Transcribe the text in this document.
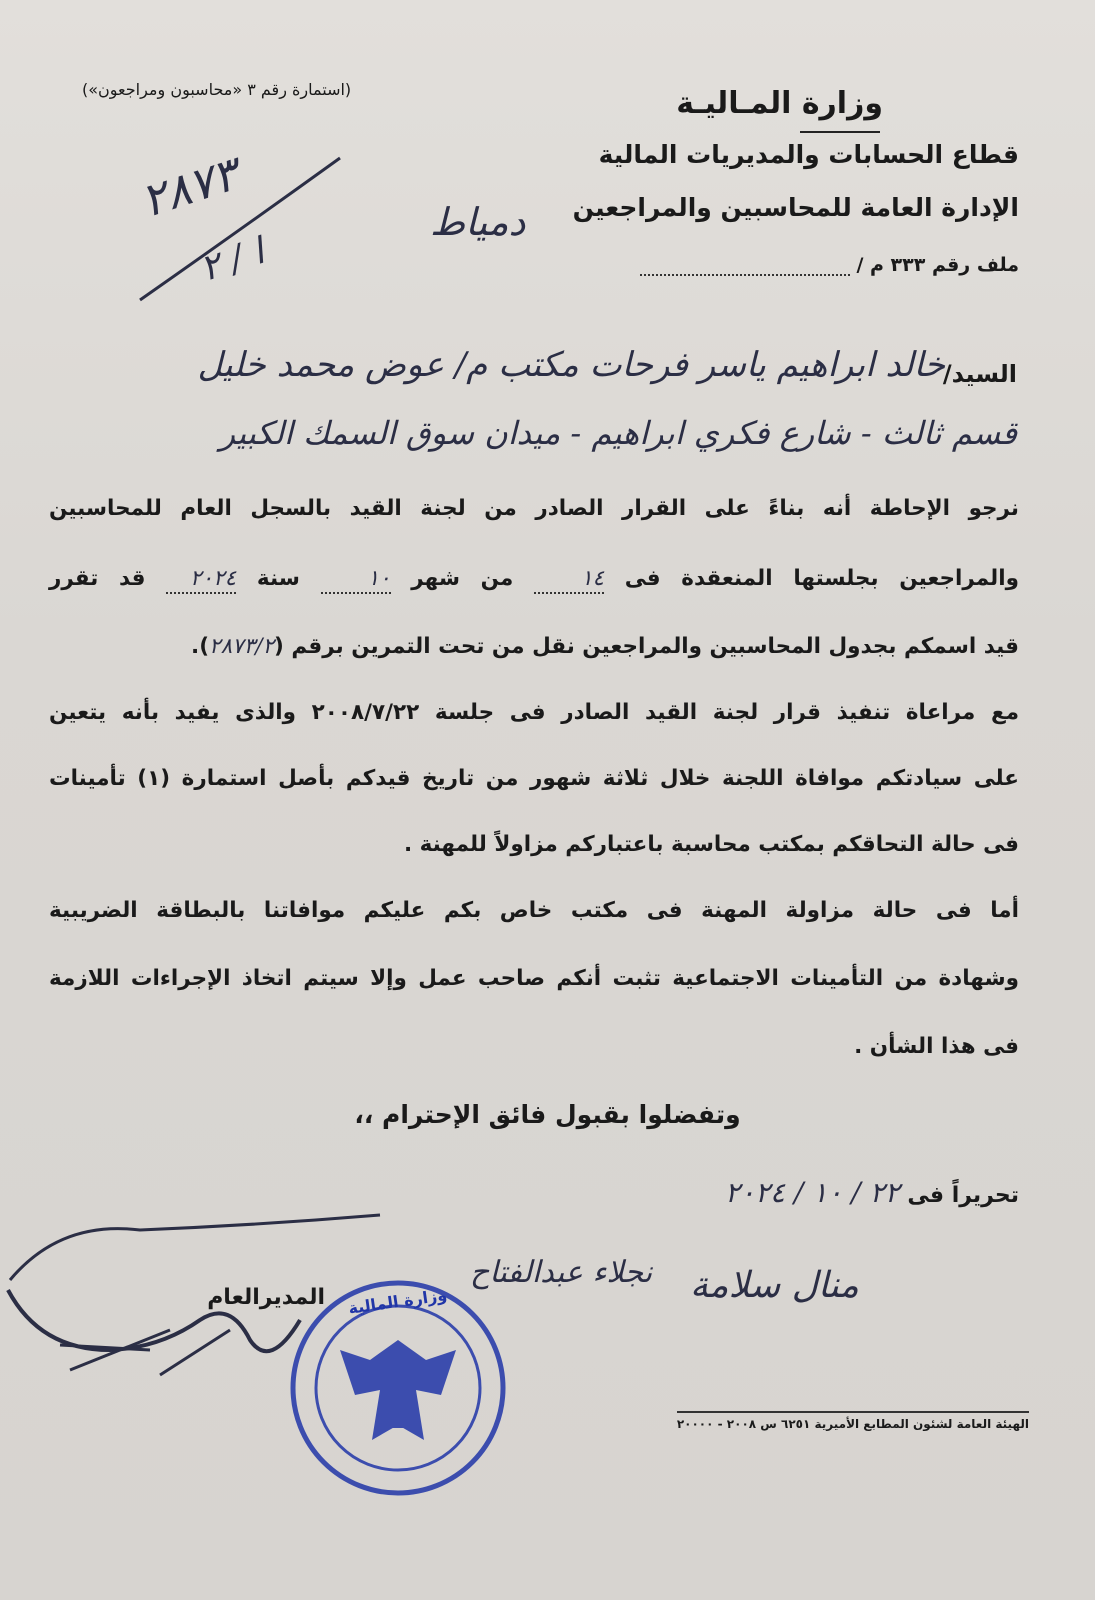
(استمارة رقم ٣ «محاسبون ومراجعون»)	وزارة المـاليـة
قطاع الحسابات والمديريات المالية
الإدارة العامة للمحاسبين والمراجعين
ملف رقم ٣٣٣ م /
دمياط
٢٨٧٣
ا / ٢
السيد/
خالد ابراهيم ياسر فرحات مكتب م/ عوض محمد خليل
قسم ثالث - شارع فكري ابراهيم - ميدان سوق السمك الكبير
نرجو الإحاطة أنه بناءً على القرار الصادر من لجنة القيد بالسجل العام للمحاسبين
والمراجعين بجلستها المنعقدة فى ١٤ من شهر ١٠ سنة ٢٠٢٤ قد تقرر
قيد اسمكم بجدول المحاسبين والمراجعين نقل من تحت التمرين برقم (٢٨٧٣/٢).
مع مراعاة تنفيذ قرار لجنة القيد الصادر فى جلسة ٢٠٠٨/٧/٢٢ والذى يفيد بأنه يتعين
على سيادتكم موافاة اللجنة خلال ثلاثة شهور من تاريخ قيدكم بأصل استمارة (١) تأمينات
فى حالة التحاقكم بمكتب محاسبة باعتباركم مزاولاً للمهنة .
أما فى حالة مزاولة المهنة فى مكتب خاص بكم عليكم موافاتنا بالبطاقة الضريبية
وشهادة من التأمينات الاجتماعية تثبت أنكم صاحب عمل وإلا سيتم اتخاذ الإجراءات اللازمة
فى هذا الشأن .
وتفضلوا بقبول فائق الإحترام ،،
تحريراً فى ٢٢ / ١٠ / ٢٠٢٤
المديرالعام
نجلاء عبدالفتاح منال سلامة
الهيئة العامة لشئون المطابع الأميرية ٦٢٥١ س ٢٠٠٨ - ٢٠٠٠٠
وزارة المالية
